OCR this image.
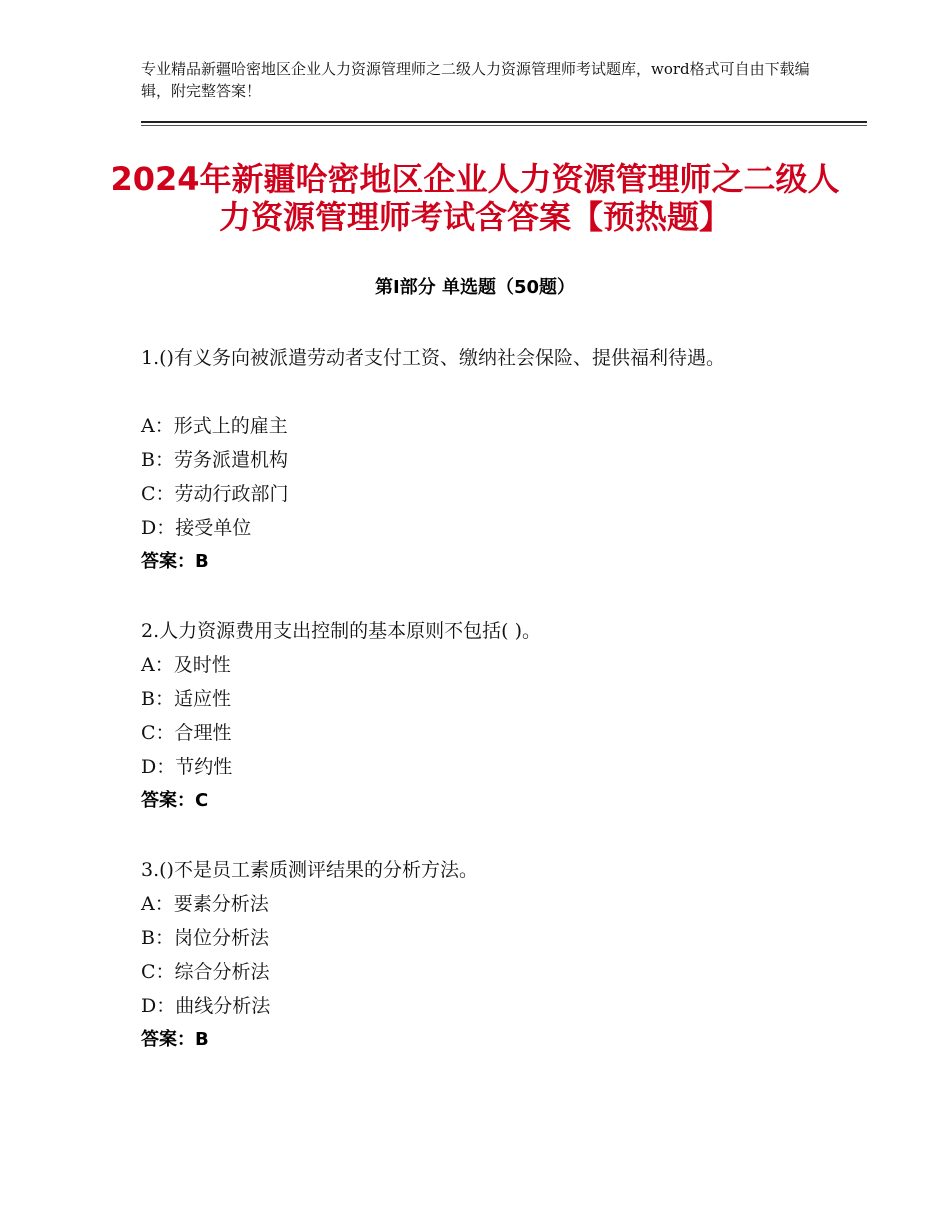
专业精品新疆哈密地区企业人力资源管理师之二级人力资源管理师考试题库，word格式可自由下载编辑，附完整答案！
2024年新疆哈密地区企业人力资源管理师之二级人力资源管理师考试含答案【预热题】
第Ⅰ部分 单选题（50题）
1.()有义务向被派遣劳动者支付工资、缴纳社会保险、提供福利待遇。
A：形式上的雇主
B：劳务派遣机构
C：劳动行政部门
D：接受单位
答案：B
2.人力资源费用支出控制的基本原则不包括( )。
A：及时性
B：适应性
C：合理性
D：节约性
答案：C
3.()不是员工素质测评结果的分析方法。
A：要素分析法
B：岗位分析法
C：综合分析法
D：曲线分析法
答案：B
